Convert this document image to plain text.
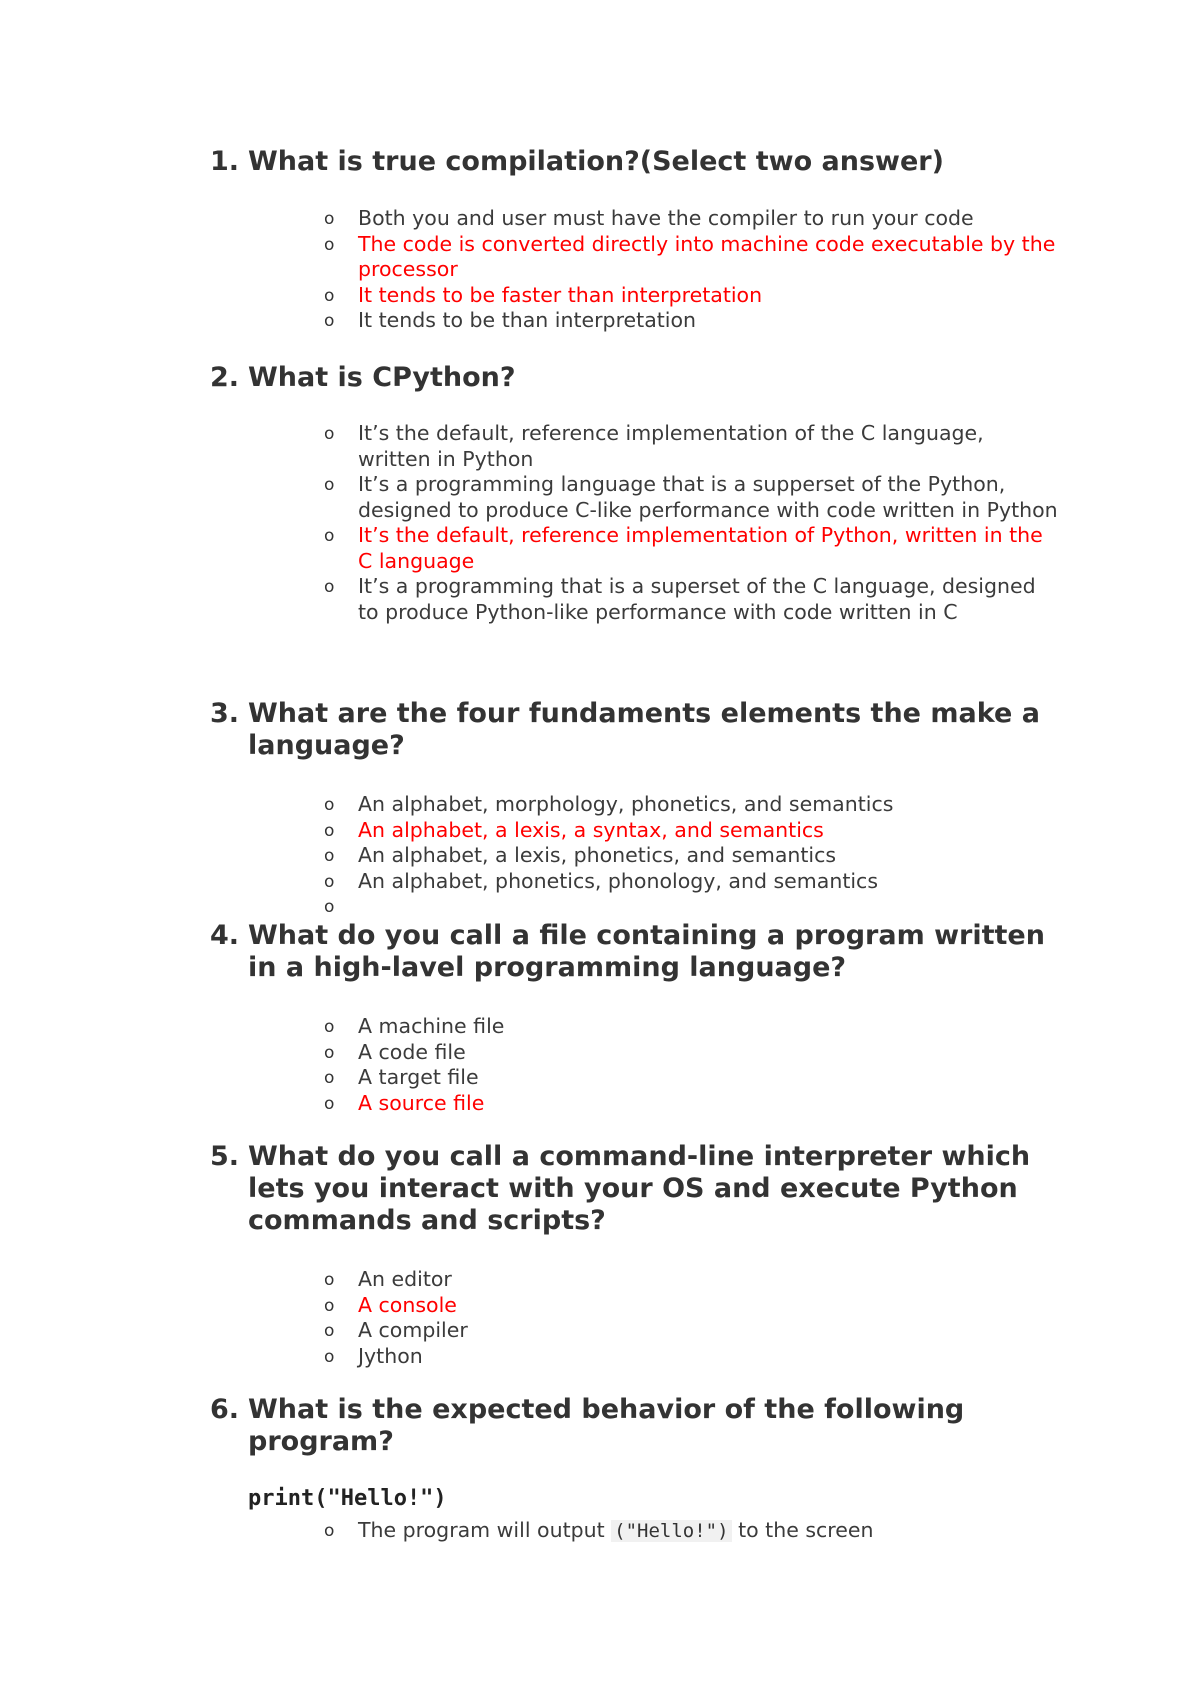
1. What is true compilation?(Select two answer)
o Both you and user must have the compiler to run your code
o The code is converted directly into machine code executable by the processor
o It tends to be faster than interpretation
o It tends to be than interpretation
2. What is CPython?
o It’s the default, reference implementation of the C language, written in Python
o It’s a programming language that is a supperset of the Python, designed to produce C-like performance with code written in Python
o It’s the default, reference implementation of Python, written in the C language
o It’s a programming that is a superset of the C language, designed to produce Python-like performance with code written in C
3. What are the four fundaments elements the make a language?
o An alphabet, morphology, phonetics, and semantics
o An alphabet, a lexis, a syntax, and semantics
o An alphabet, a lexis, phonetics, and semantics
o An alphabet, phonetics, phonology, and semantics
o
4. What do you call a file containing a program written in a high-lavel programming language?
o A machine file
o A code file
o A target file
o A source file
5. What do you call a command-line interpreter which lets you interact with your OS and execute Python commands and scripts?
o An editor
o A console
o A compiler
o Jython
6. What is the expected behavior of the following program?
print("Hello!")
o The program will output ("Hello!") to the screen
